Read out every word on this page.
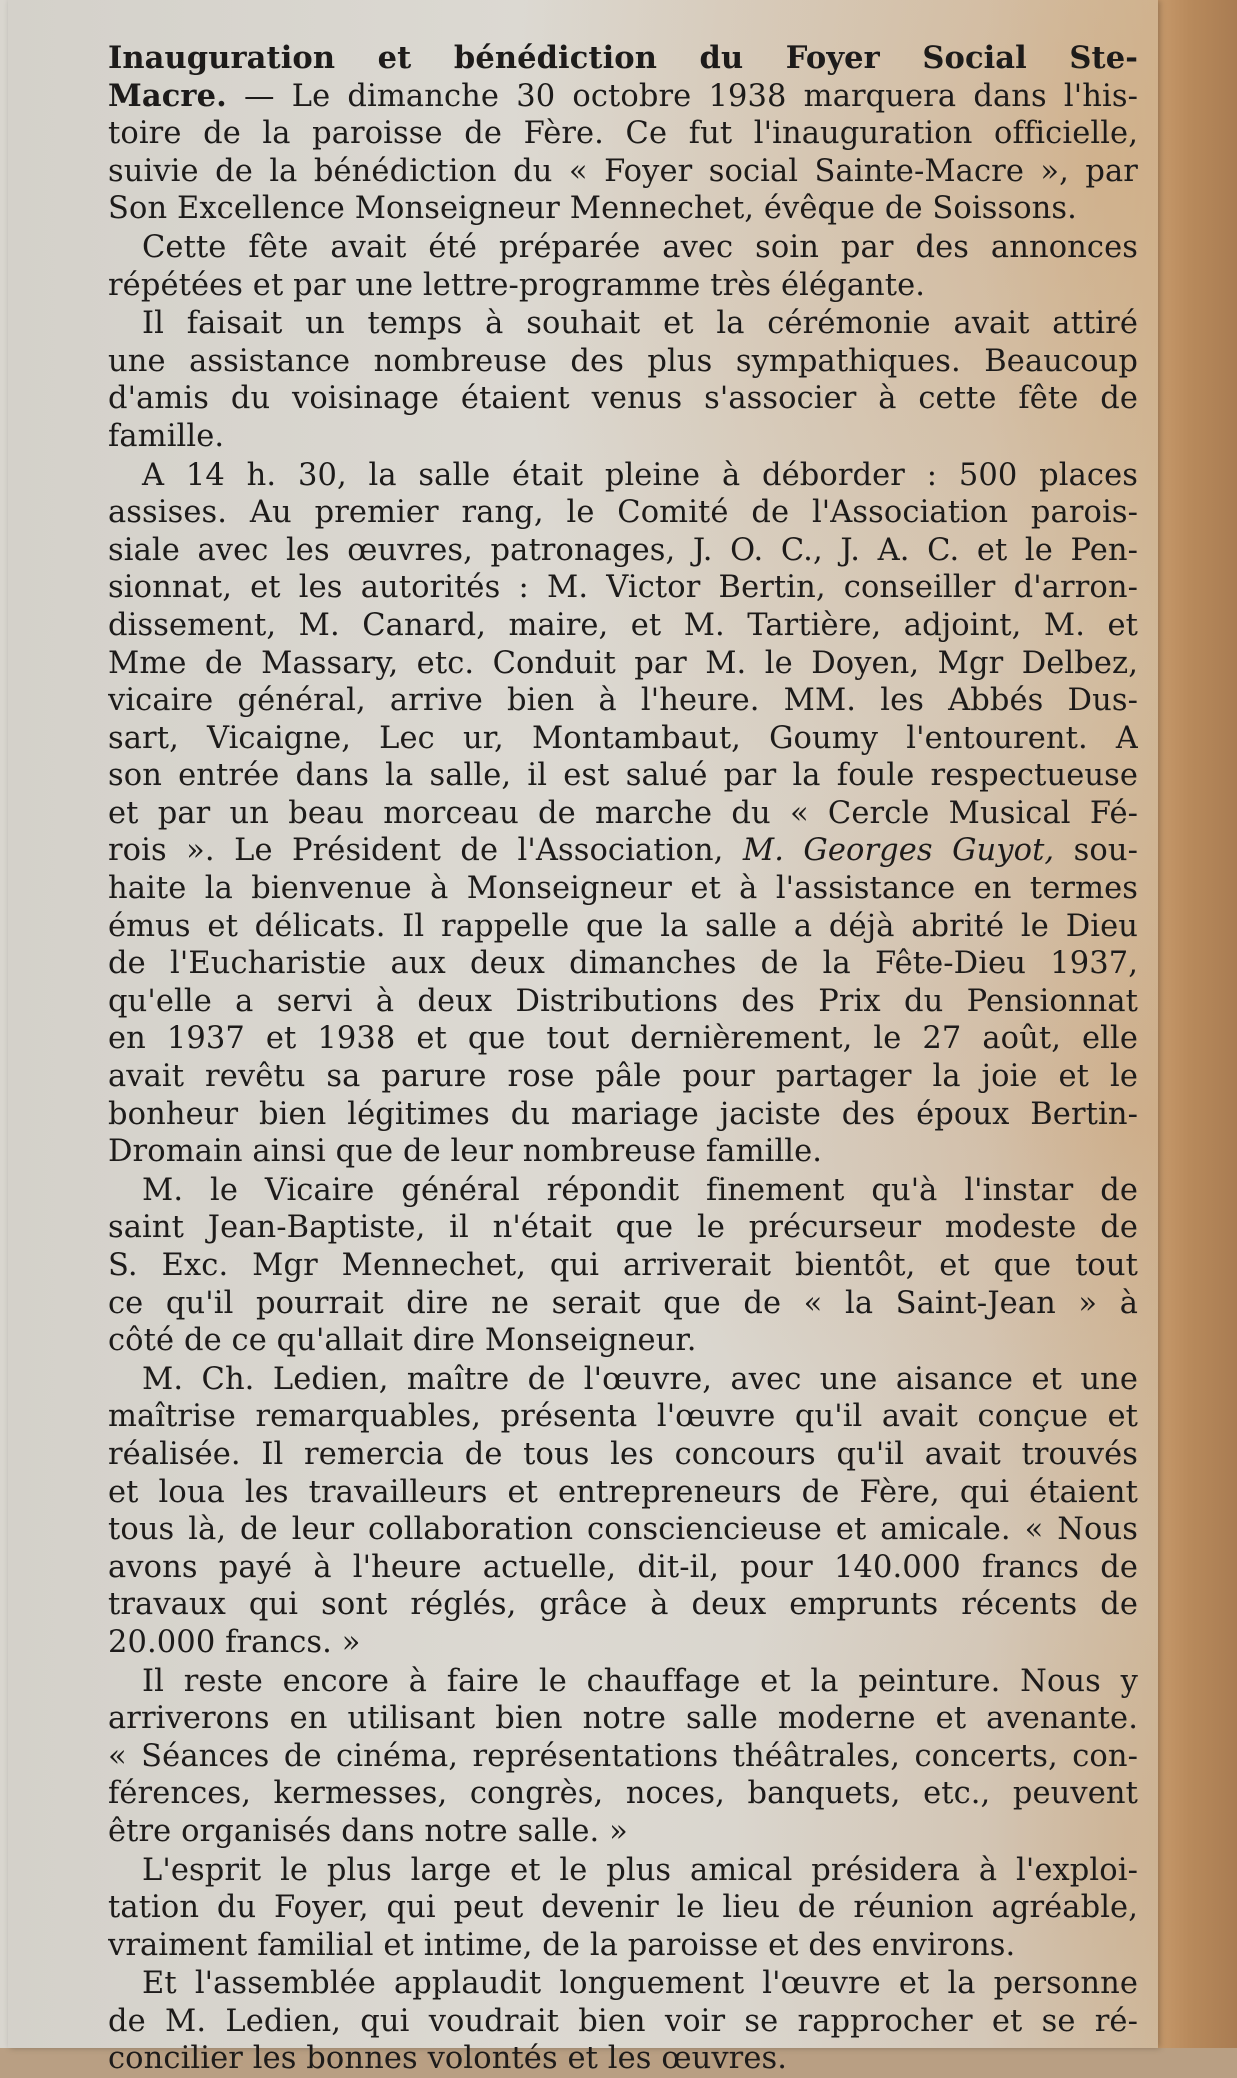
Inauguration et bénédiction du Foyer Social Ste-
Macre. — Le dimanche 30 octobre 1938 marquera dans l'his-
toire de la paroisse de Fère. Ce fut l'inauguration officielle,
suivie de la bénédiction du « Foyer social Sainte-Macre », par
Son Excellence Monseigneur Mennechet, évêque de Soissons.
Cette fête avait été préparée avec soin par des annonces
répétées et par une lettre-programme très élégante.
Il faisait un temps à souhait et la cérémonie avait attiré
une assistance nombreuse des plus sympathiques. Beaucoup
d'amis du voisinage étaient venus s'associer à cette fête de
famille.
A 14 h. 30, la salle était pleine à déborder : 500 places
assises. Au premier rang, le Comité de l'Association parois-
siale avec les œuvres, patronages, J. O. C., J. A. C. et le Pen-
sionnat, et les autorités : M. Victor Bertin, conseiller d'arron-
dissement, M. Canard, maire, et M. Tartière, adjoint, M. et
Mme de Massary, etc. Conduit par M. le Doyen, Mgr Delbez,
vicaire général, arrive bien à l'heure. MM. les Abbés Dus-
sart, Vicaigne, Lec ur, Montambaut, Goumy l'entourent. A
son entrée dans la salle, il est salué par la foule respectueuse
et par un beau morceau de marche du « Cercle Musical Fé-
rois ». Le Président de l'Association, M. Georges Guyot, sou-
haite la bienvenue à Monseigneur et à l'assistance en termes
émus et délicats. Il rappelle que la salle a déjà abrité le Dieu
de l'Eucharistie aux deux dimanches de la Fête-Dieu 1937,
qu'elle a servi à deux Distributions des Prix du Pensionnat
en 1937 et 1938 et que tout dernièrement, le 27 août, elle
avait revêtu sa parure rose pâle pour partager la joie et le
bonheur bien légitimes du mariage jaciste des époux Bertin-
Dromain ainsi que de leur nombreuse famille.
M. le Vicaire général répondit finement qu'à l'instar de
saint Jean-Baptiste, il n'était que le précurseur modeste de
S. Exc. Mgr Mennechet, qui arriverait bientôt, et que tout
ce qu'il pourrait dire ne serait que de « la Saint-Jean » à
côté de ce qu'allait dire Monseigneur.
M. Ch. Ledien, maître de l'œuvre, avec une aisance et une
maîtrise remarquables, présenta l'œuvre qu'il avait conçue et
réalisée. Il remercia de tous les concours qu'il avait trouvés
et loua les travailleurs et entrepreneurs de Fère, qui étaient
tous là, de leur collaboration consciencieuse et amicale. « Nous
avons payé à l'heure actuelle, dit-il, pour 140.000 francs de
travaux qui sont réglés, grâce à deux emprunts récents de
20.000 francs. »
Il reste encore à faire le chauffage et la peinture. Nous y
arriverons en utilisant bien notre salle moderne et avenante.
« Séances de cinéma, représentations théâtrales, concerts, con-
férences, kermesses, congrès, noces, banquets, etc., peuvent
être organisés dans notre salle. »
L'esprit le plus large et le plus amical présidera à l'exploi-
tation du Foyer, qui peut devenir le lieu de réunion agréable,
vraiment familial et intime, de la paroisse et des environs.
Et l'assemblée applaudit longuement l'œuvre et la personne
de M. Ledien, qui voudrait bien voir se rapprocher et se ré-
concilier les bonnes volontés et les œuvres.
